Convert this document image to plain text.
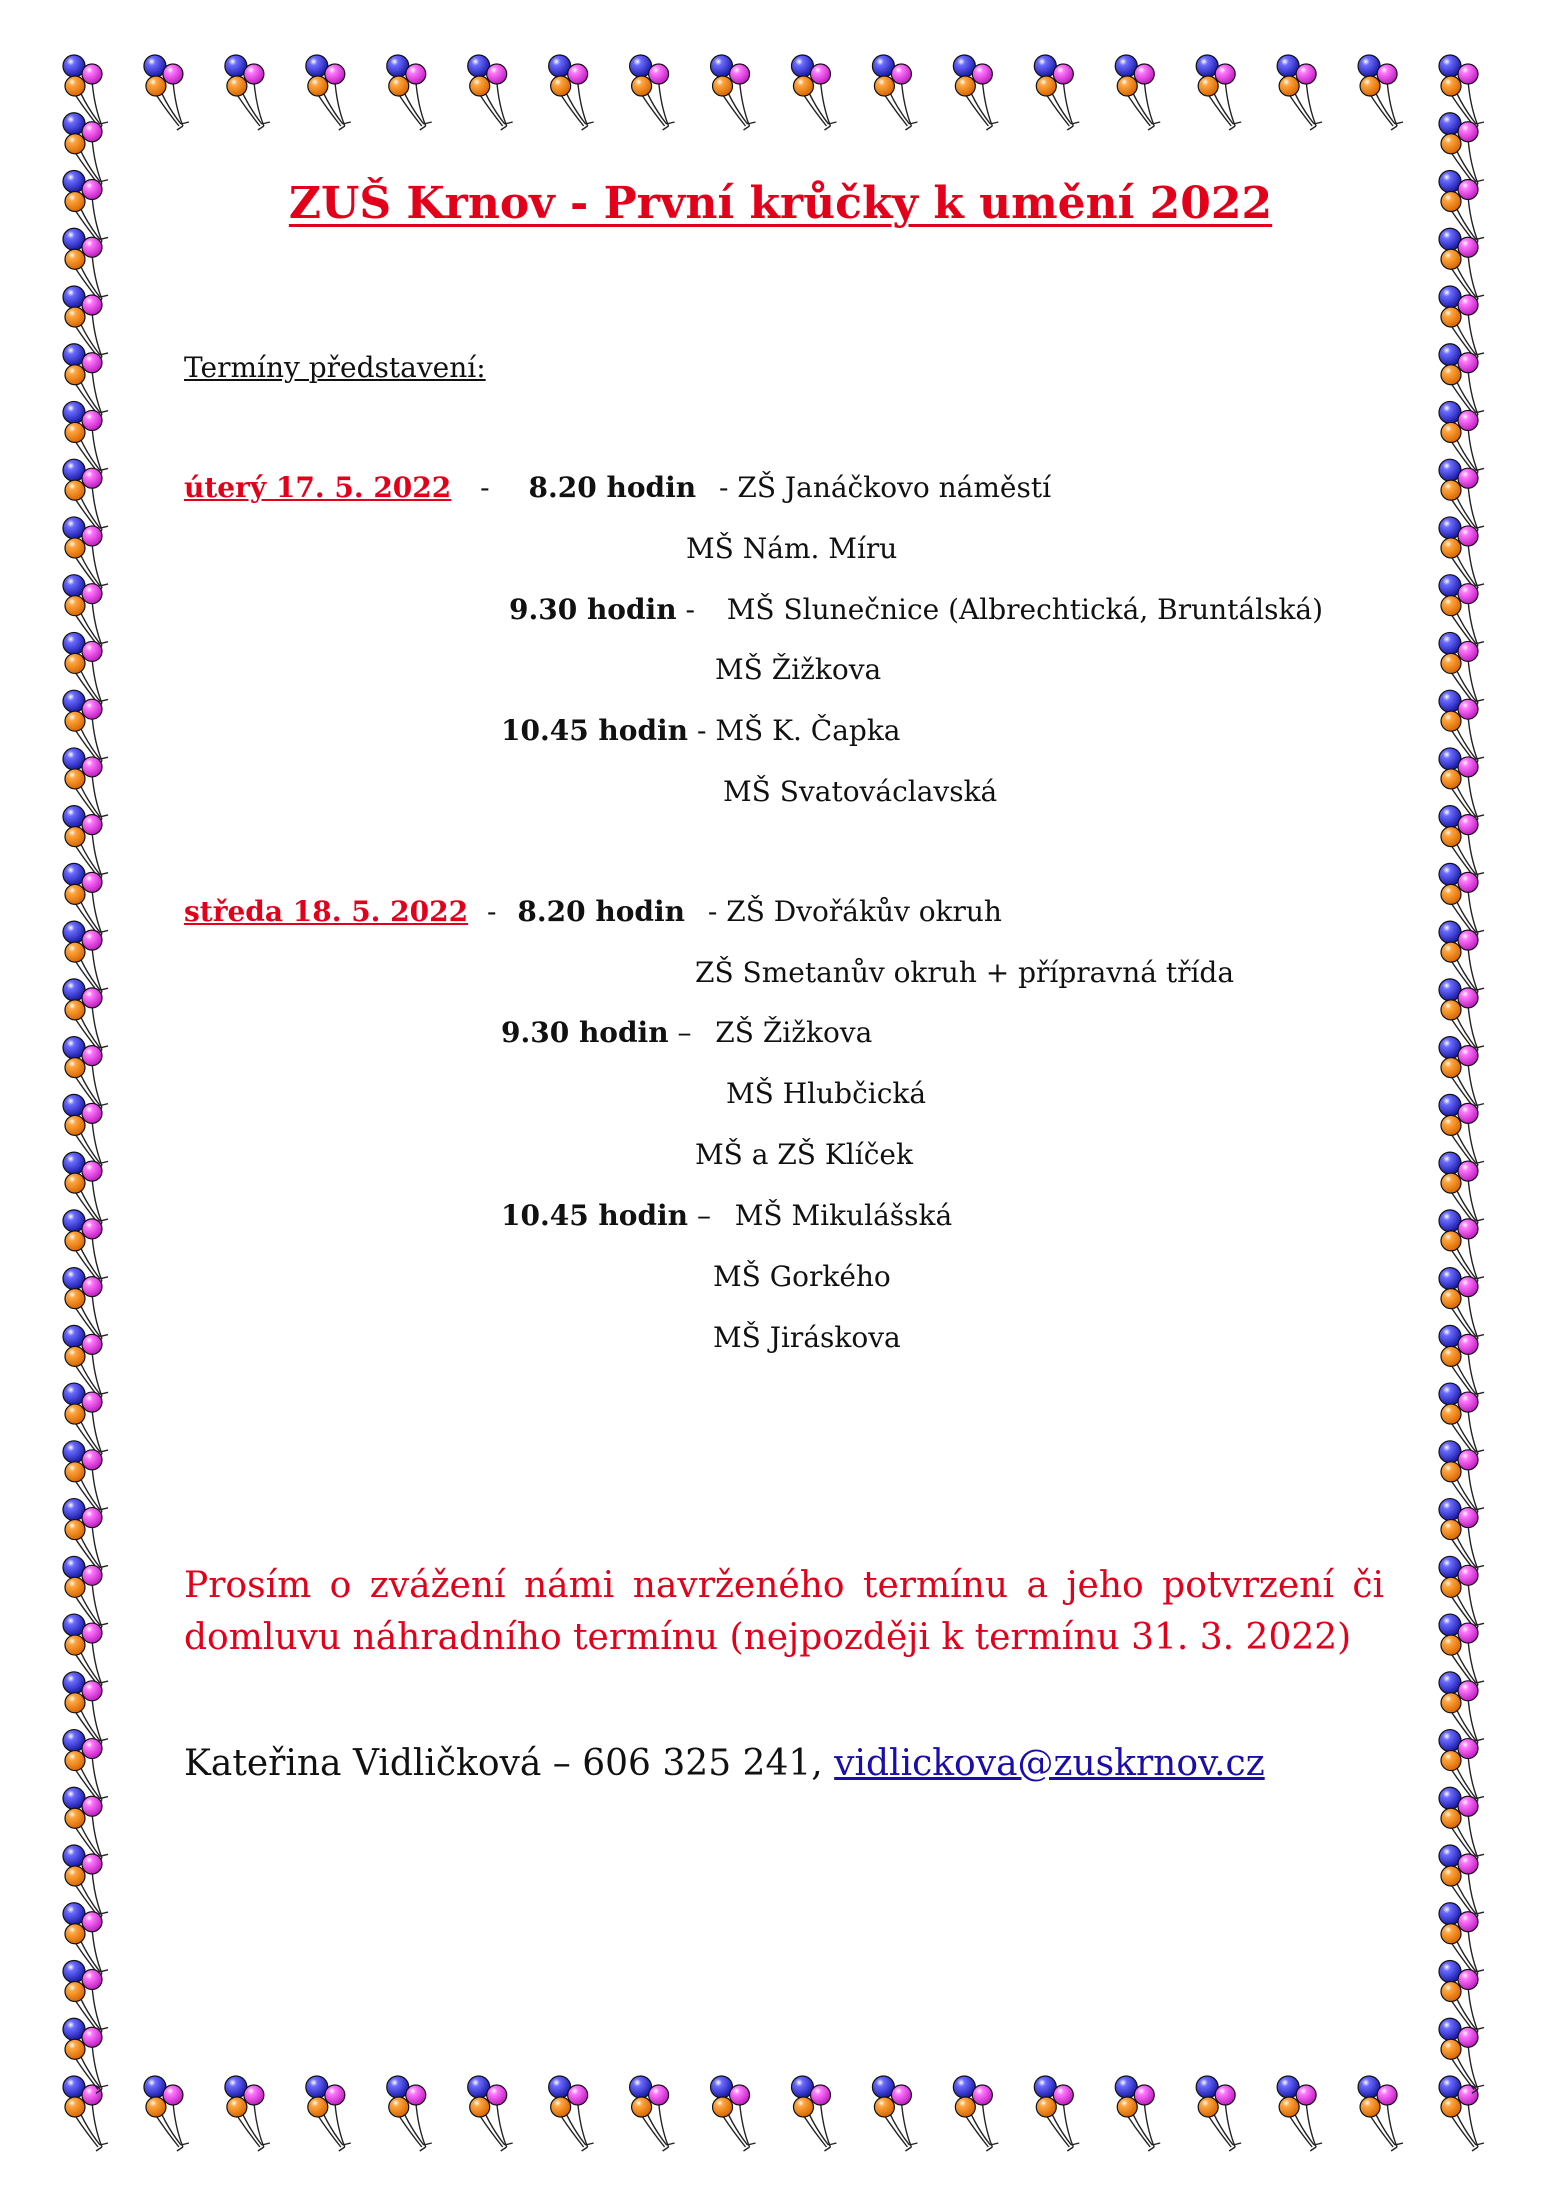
ZUŠ Krnov - První krůčky k umění 2022
Termíny představení:
úterý 17. 5. 2022 - 8.20 hodin - ZŠ Janáčkovo náměstí
MŠ Nám. Míru
9.30 hodin - MŠ Slunečnice (Albrechtická, Bruntálská)
MŠ Žižkova
10.45 hodin - MŠ K. Čapka
MŠ Svatováclavská
středa 18. 5. 2022 - 8.20 hodin - ZŠ Dvořákův okruh
ZŠ Smetanův okruh + přípravná třída
9.30 hodin – ZŠ Žižkova
MŠ Hlubčická
MŠ a ZŠ Klíček
10.45 hodin – MŠ Mikulášská
MŠ Gorkého
MŠ Jiráskova
Prosím o zvážení námi navrženého termínu a jeho potvrzení či domluvu náhradního termínu (nejpozději k termínu 31. 3. 2022)
Kateřina Vidličková – 606 325 241, vidlickova@zuskrnov.cz
